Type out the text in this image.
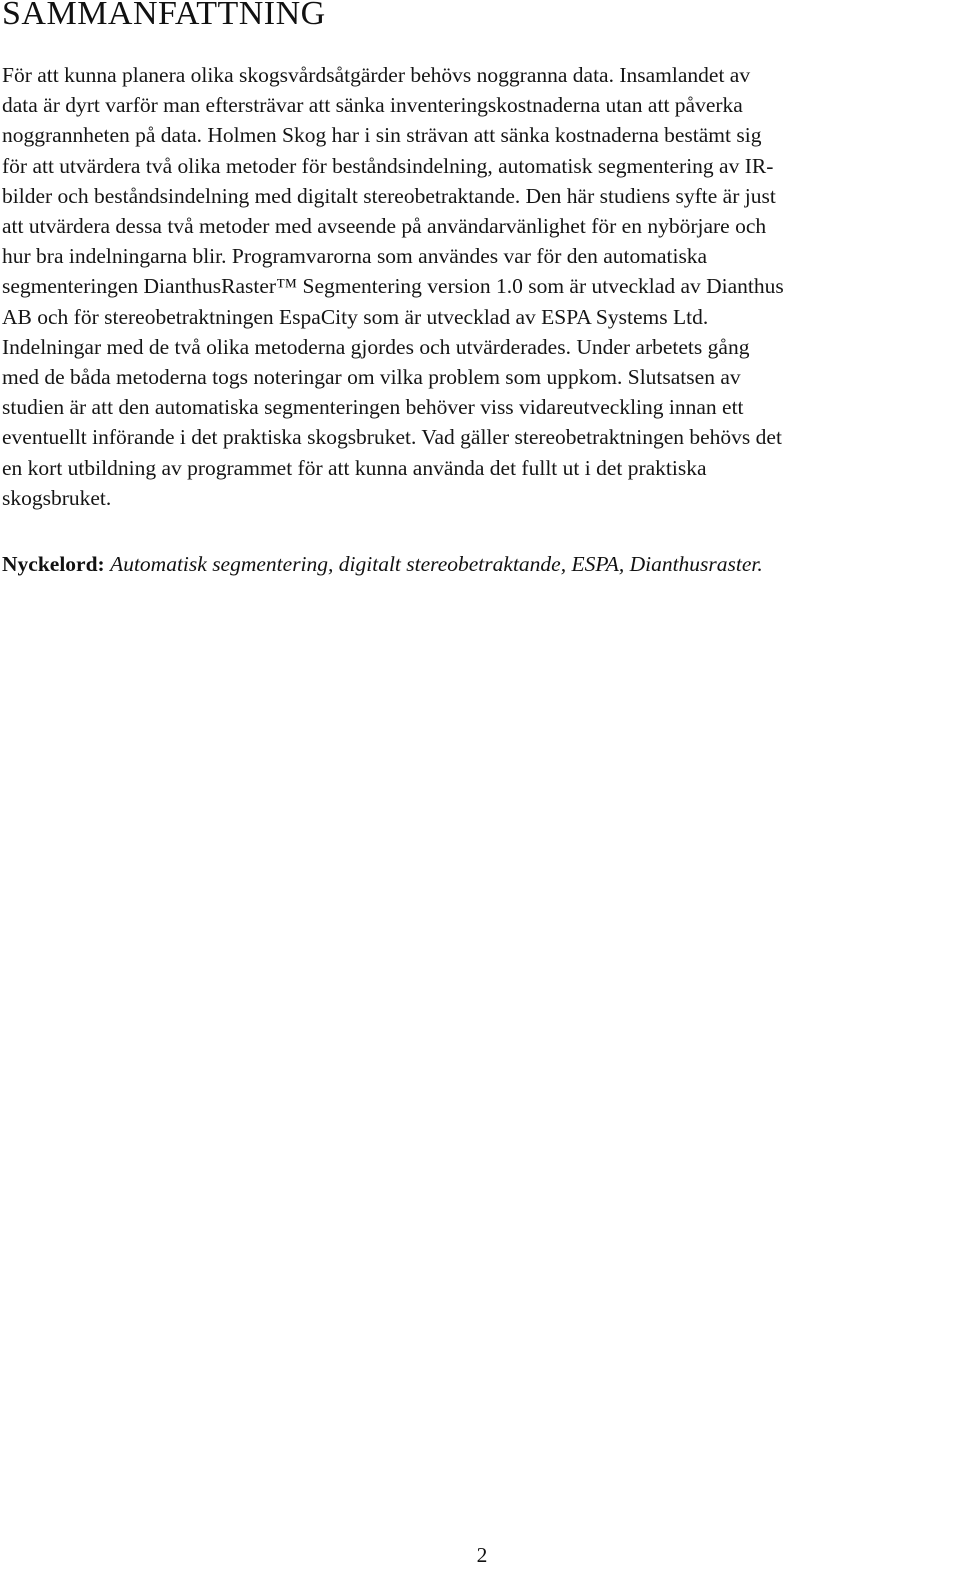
SAMMANFATTNING

För att kunna planera olika skogsvårdsåtgärder behövs noggranna data. Insamlandet av
data är dyrt varför man eftersträvar att sänka inventeringskostnaderna utan att påverka
noggrannheten på data. Holmen Skog har i sin strävan att sänka kostnaderna bestämt sig
för att utvärdera två olika metoder för beståndsindelning, automatisk segmentering av IR-
bilder och beståndsindelning med digitalt stereobetraktande. Den här studiens syfte är just
att utvärdera dessa två metoder med avseende på användarvänlighet för en nybörjare och
hur bra indelningarna blir. Programvarorna som användes var för den automatiska
segmenteringen DianthusRaster™ Segmentering version 1.0 som är utvecklad av Dianthus
AB och för stereobetraktningen EspaCity som är utvecklad av ESPA Systems Ltd.
Indelningar med de två olika metoderna gjordes och utvärderades. Under arbetets gång
med de båda metoderna togs noteringar om vilka problem som uppkom. Slutsatsen av
studien är att den automatiska segmenteringen behöver viss vidareutveckling innan ett
eventuellt införande i det praktiska skogsbruket. Vad gäller stereobetraktningen behövs det
en kort utbildning av programmet för att kunna använda det fullt ut i det praktiska
skogsbruket.

Nyckelord: Automatisk segmentering, digitalt stereobetraktande, ESPA, Dianthusraster.

2
